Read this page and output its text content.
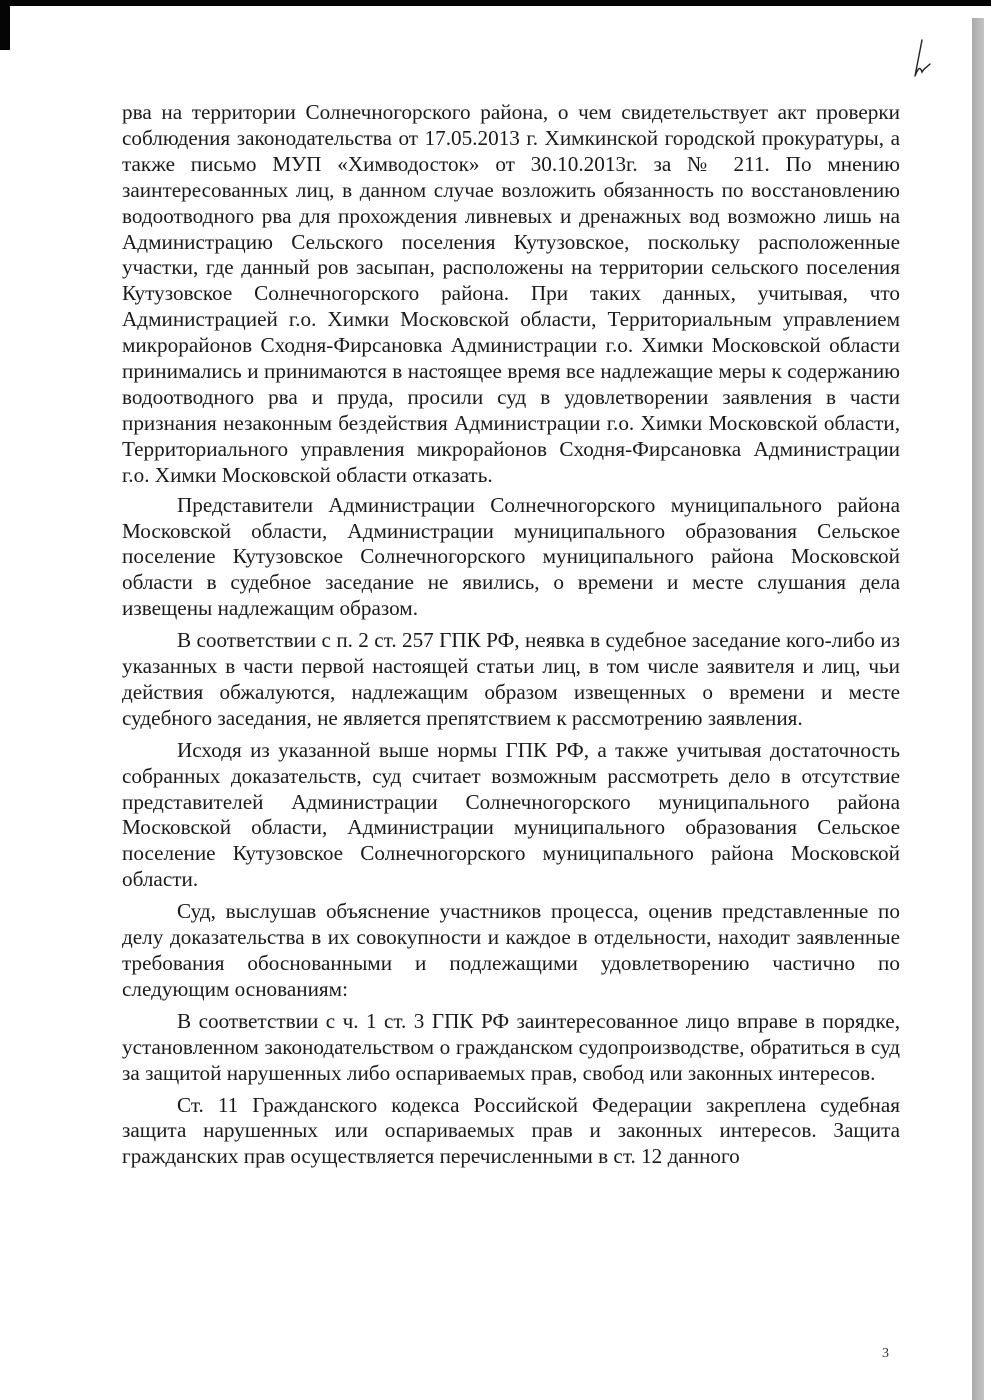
рва на территории Солнечногорского района, о чем свидетельствует акт проверки соблюдения законодательства от 17.05.2013 г. Химкинской городской прокуратуры, а также письмо МУП «Химводосток» от 30.10.2013г. за № 211. По мнению заинтересованных лиц, в данном случае возложить обязанность по восстановлению водоотводного рва для прохождения ливневых и дренажных вод возможно лишь на Администрацию Сельского поселения Кутузовское, поскольку расположенные участки, где данный ров засыпан, расположены на территории сельского поселения Кутузовское Солнечногорского района. При таких данных, учитывая, что Администрацией г.о. Химки Московской области, Территориальным управлением микрорайонов Сходня-Фирсановка Администрации г.о. Химки Московской области принимались и принимаются в настоящее время все надлежащие меры к содержанию водоотводного рва и пруда, просили суд в удовлетворении заявления в части признания незаконным бездействия Администрации г.о. Химки Московской области, Территориального управления микрорайонов Сходня-Фирсановка Администрации г.о. Химки Московской области отказать.

Представители Администрации Солнечногорского муниципального района Московской области, Администрации муниципального образования Сельское поселение Кутузовское Солнечногорского муниципального района Московской области в судебное заседание не явились, о времени и месте слушания дела извещены надлежащим образом.

В соответствии с п. 2 ст. 257 ГПК РФ, неявка в судебное заседание кого-либо из указанных в части первой настоящей статьи лиц, в том числе заявителя и лиц, чьи действия обжалуются, надлежащим образом извещенных о времени и месте судебного заседания, не является препятствием к рассмотрению заявления.

Исходя из указанной выше нормы ГПК РФ, а также учитывая достаточность собранных доказательств, суд считает возможным рассмотреть дело в отсутствие представителей Администрации Солнечногорского муниципального района Московской области, Администрации муниципального образования Сельское поселение Кутузовское Солнечногорского муниципального района Московской области.

Суд, выслушав объяснение участников процесса, оценив представленные по делу доказательства в их совокупности и каждое в отдельности, находит заявленные требования обоснованными и подлежащими удовлетворению частично по следующим основаниям:

В соответствии с ч. 1 ст. 3 ГПК РФ заинтересованное лицо вправе в порядке, установленном законодательством о гражданском судопроизводстве, обратиться в суд за защитой нарушенных либо оспариваемых прав, свобод или законных интересов.

Ст. 11 Гражданского кодекса Российской Федерации закреплена судебная защита нарушенных или оспариваемых прав и законных интересов. Защита гражданских прав осуществляется перечисленными в ст. 12 данного

3
